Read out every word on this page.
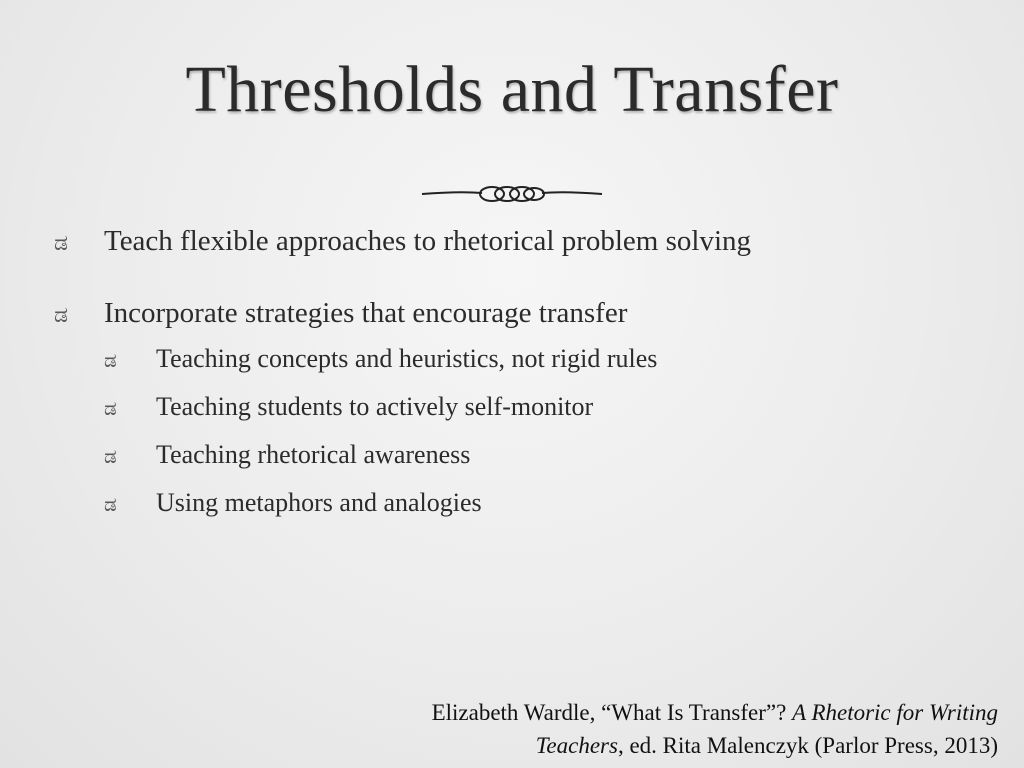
Thresholds and Transfer
ಡ	Teach flexible approaches to rhetorical problem solving
ಡ	Incorporate strategies that encourage transfer
ಡ	Teaching concepts and heuristics, not rigid rules
ಡ	Teaching students to actively self-monitor
ಡ	Teaching rhetorical awareness
ಡ	Using metaphors and analogies
Elizabeth Wardle, “What Is Transfer”? A Rhetoric for Writing
Teachers, ed. Rita Malenczyk (Parlor Press, 2013)
